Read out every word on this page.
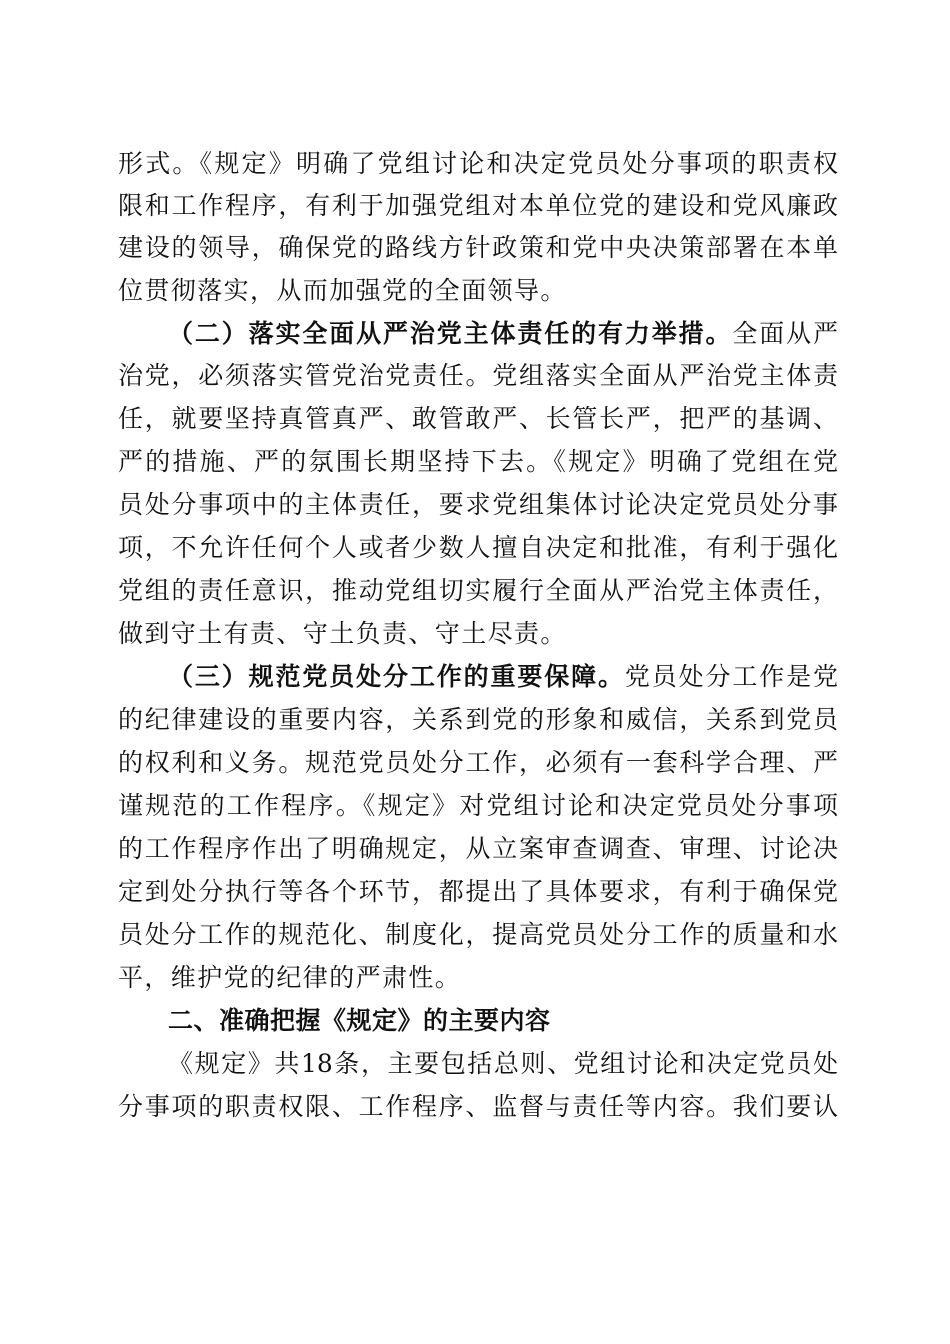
形式。《规定》明确了党组讨论和决定党员处分事项的职责权

限和工作程序，有利于加强党组对本单位党的建设和党风廉政

建设的领导，确保党的路线方针政策和党中央决策部署在本单

位贯彻落实，从而加强党的全面领导。

（二）落实全面从严治党主体责任的有力举措。全面从严

治党，必须落实管党治党责任。党组落实全面从严治党主体责

任，就要坚持真管真严、敢管敢严、长管长严，把严的基调、

严的措施、严的氛围长期坚持下去。《规定》明确了党组在党

员处分事项中的主体责任，要求党组集体讨论决定党员处分事

项，不允许任何个人或者少数人擅自决定和批准，有利于强化

党组的责任意识，推动党组切实履行全面从严治党主体责任，

做到守土有责、守土负责、守土尽责。

（三）规范党员处分工作的重要保障。党员处分工作是党

的纪律建设的重要内容，关系到党的形象和威信，关系到党员

的权利和义务。规范党员处分工作，必须有一套科学合理、严

谨规范的工作程序。《规定》对党组讨论和决定党员处分事项

的工作程序作出了明确规定，从立案审查调查、审理、讨论决

定到处分执行等各个环节，都提出了具体要求，有利于确保党

员处分工作的规范化、制度化，提高党员处分工作的质量和水

平，维护党的纪律的严肃性。

二、准确把握《规定》的主要内容

《规定》共18条，主要包括总则、党组讨论和决定党员处

分事项的职责权限、工作程序、监督与责任等内容。我们要认
